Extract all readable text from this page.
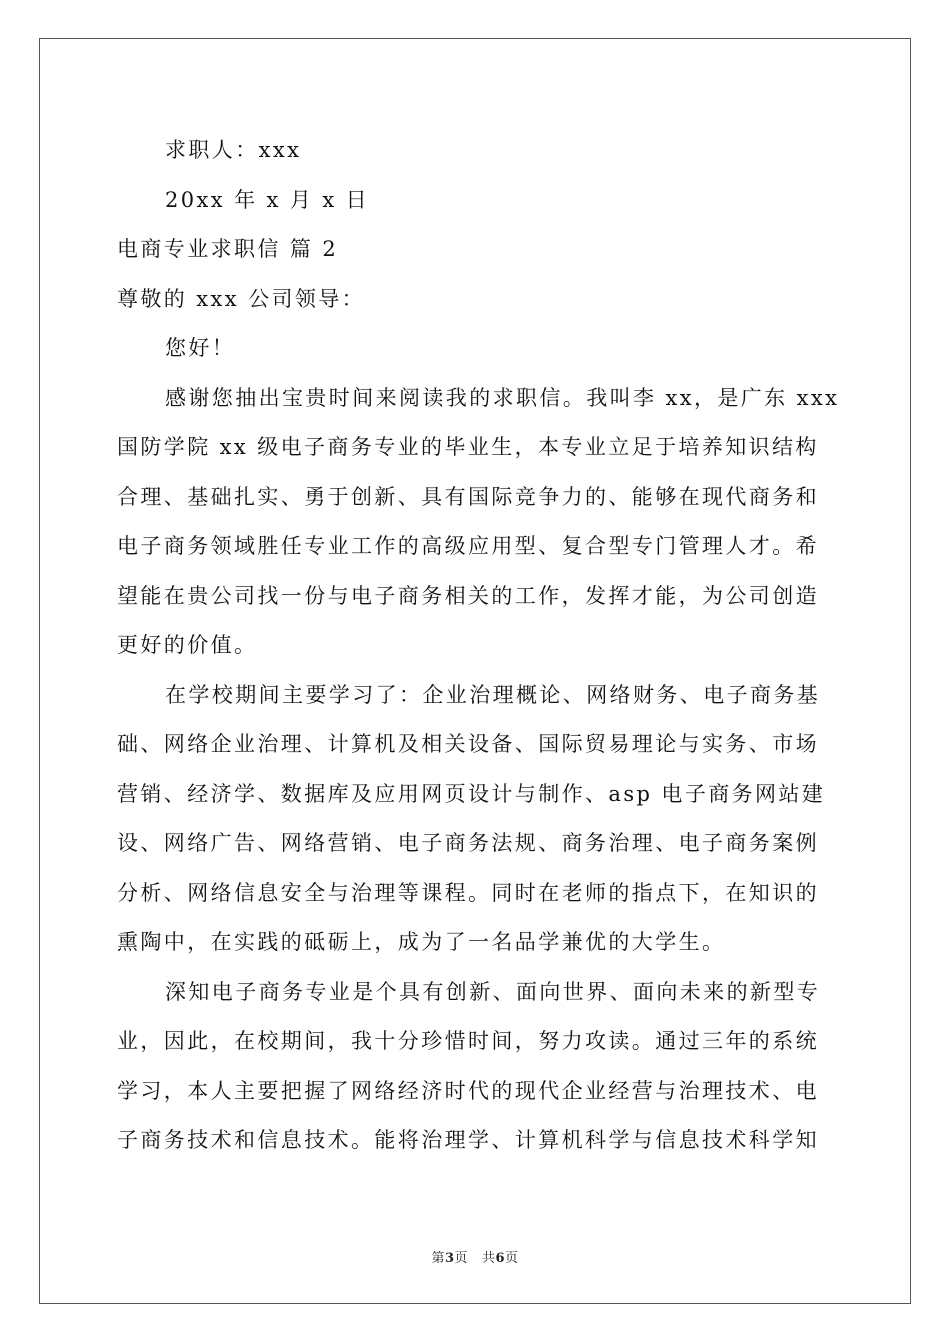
求职人：xxx
20xx 年 x 月 x 日
电商专业求职信 篇 2
尊敬的 xxx 公司领导：
您好！
感谢您抽出宝贵时间来阅读我的求职信。我叫李 xx，是广东 xxx
国防学院 xx 级电子商务专业的毕业生，本专业立足于培养知识结构
合理、基础扎实、勇于创新、具有国际竞争力的、能够在现代商务和
电子商务领域胜任专业工作的高级应用型、复合型专门管理人才。希
望能在贵公司找一份与电子商务相关的工作，发挥才能，为公司创造
更好的价值。
在学校期间主要学习了：企业治理概论、网络财务、电子商务基
础、网络企业治理、计算机及相关设备、国际贸易理论与实务、市场
营销、经济学、数据库及应用网页设计与制作、asp 电子商务网站建
设、网络广告、网络营销、电子商务法规、商务治理、电子商务案例
分析、网络信息安全与治理等课程。同时在老师的指点下，在知识的
熏陶中，在实践的砥砺上，成为了一名品学兼优的大学生。
深知电子商务专业是个具有创新、面向世界、面向未来的新型专
业，因此，在校期间，我十分珍惜时间，努力攻读。通过三年的系统
学习，本人主要把握了网络经济时代的现代企业经营与治理技术、电
子商务技术和信息技术。能将治理学、计算机科学与信息技术科学知
第3页 共6页
